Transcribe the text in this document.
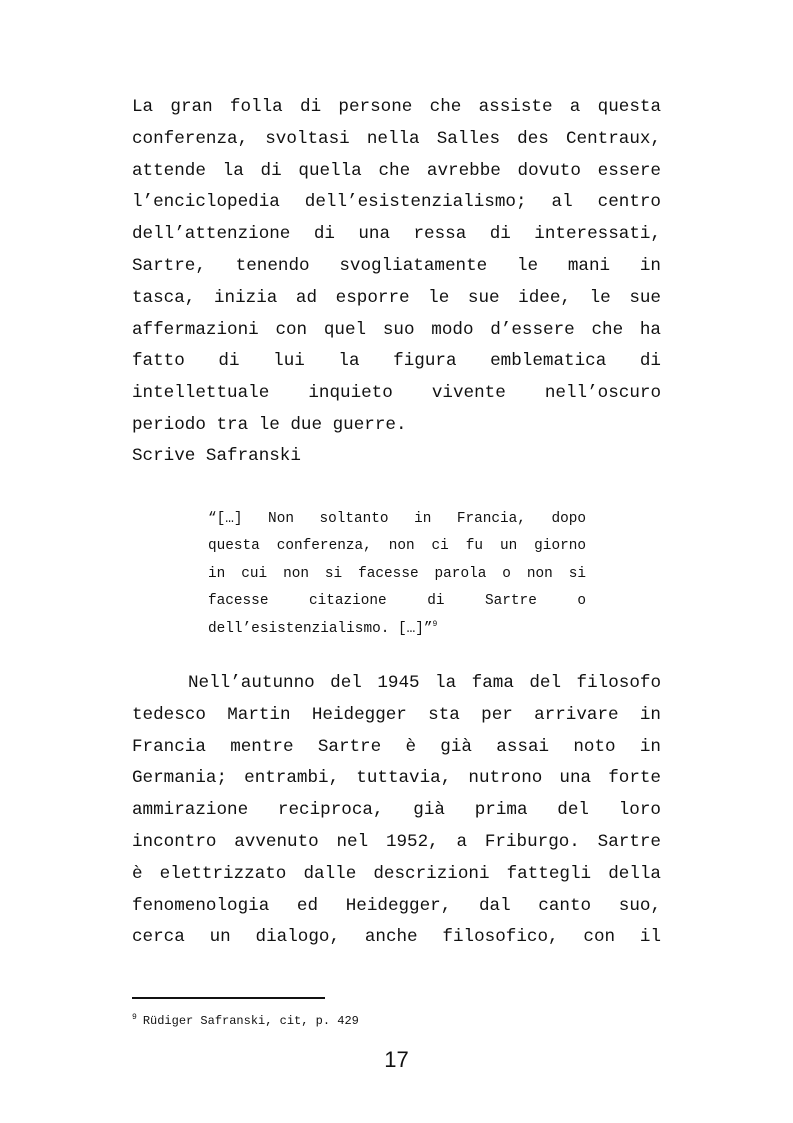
La gran folla di persone che assiste a questa
conferenza, svoltasi nella Salles des Centraux,
attende la di quella che avrebbe dovuto essere
l’enciclopedia dell’esistenzialismo; al centro
dell’attenzione di una ressa di interessati,
Sartre, tenendo svogliatamente le mani in
tasca, inizia ad esporre le sue idee, le sue
affermazioni con quel suo modo d’essere che ha
fatto di lui la figura emblematica di
intellettuale inquieto vivente nell’oscuro
periodo tra le due guerre.
Scrive Safranski
“[…] Non soltanto in Francia, dopo
questa conferenza, non ci fu un giorno
in cui non si facesse parola o non si
facesse citazione di Sartre o
dell’esistenzialismo. […]”$^9$
Nell’autunno del 1945 la fama del filosofo
tedesco Martin Heidegger sta per arrivare in
Francia mentre Sartre è già assai noto in
Germania; entrambi, tuttavia, nutrono una forte
ammirazione reciproca, già prima del loro
incontro avvenuto nel 1952, a Friburgo. Sartre
è elettrizzato dalle descrizioni fattegli della
fenomenologia ed Heidegger, dal canto suo,
cerca un dialogo, anche filosofico, con il
$^9$ Rüdiger Safranski, cit, p. 429
17
